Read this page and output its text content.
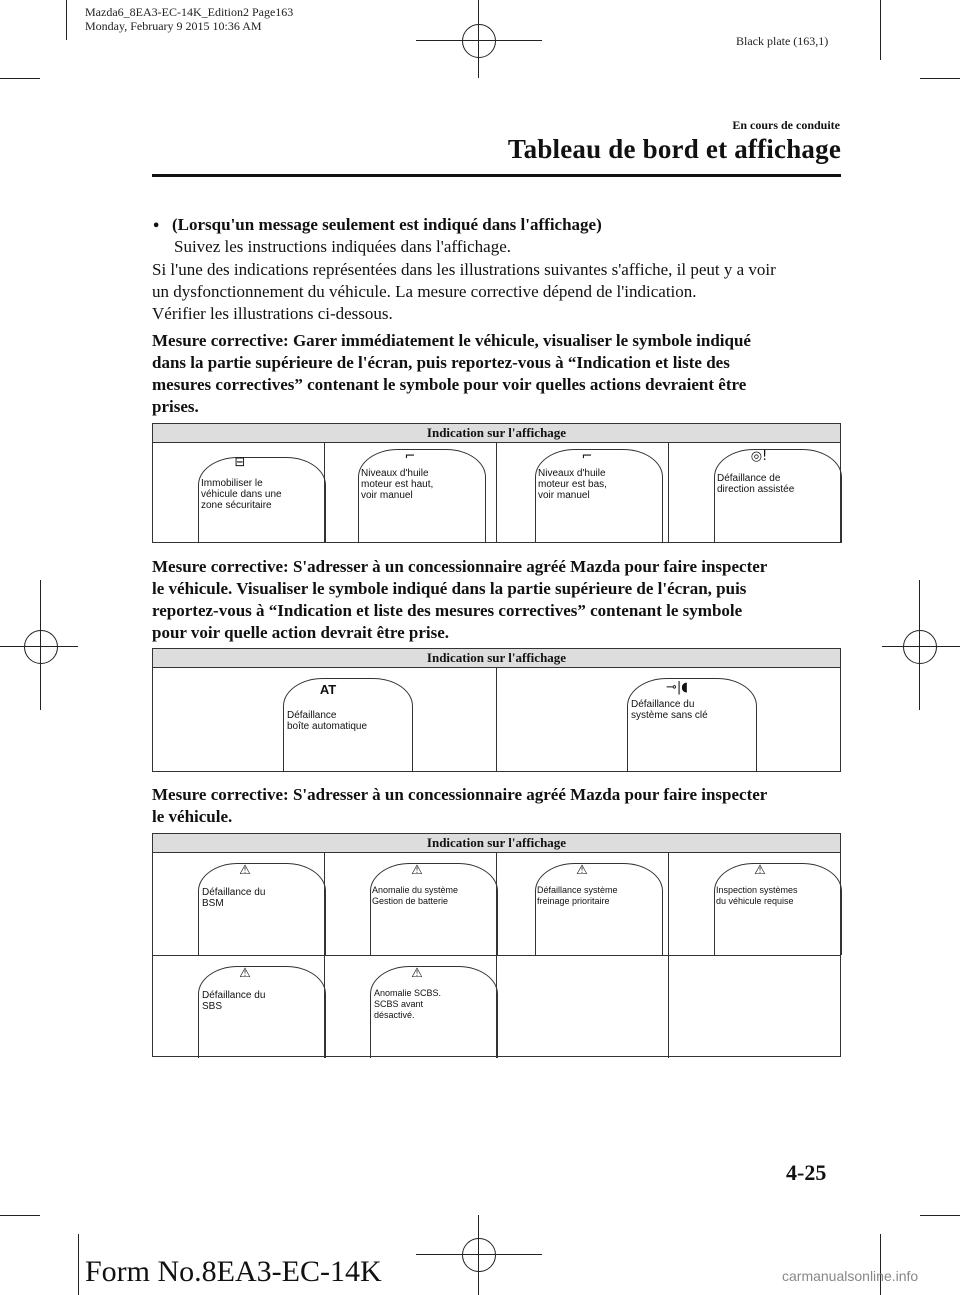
Mazda6_8EA3-EC-14K_Edition2 Page163
Monday, February 9 2015 10:36 AM
Black plate (163,1)
En cours de conduite
Tableau de bord et affichage
• (Lorsqu'un message seulement est indiqué dans l'affichage)
Suivez les instructions indiquées dans l'affichage.
Si l'une des indications représentées dans les illustrations suivantes s'affiche, il peut y a voir
un dysfonctionnement du véhicule. La mesure corrective dépend de l'indication.
Vérifier les illustrations ci-dessous.
Mesure corrective: Garer immédiatement le véhicule, visualiser le symbole indiqué
dans la partie supérieure de l'écran, puis reportez-vous à “Indication et liste des
mesures correctives” contenant le symbole pour voir quelles actions devraient être
prises.
Indication sur l'affichage
⊟
Immobiliser le
véhicule dans une
zone sécuritaire
⌐
Niveaux d'huile
moteur est haut,
voir manuel
⌐
Niveaux d'huile
moteur est bas,
voir manuel
◎!
Défaillance de
direction assistée
Mesure corrective: S'adresser à un concessionnaire agréé Mazda pour faire inspecter
le véhicule. Visualiser le symbole indiqué dans la partie supérieure de l'écran, puis
reportez-vous à “Indication et liste des mesures correctives” contenant le symbole
pour voir quelle action devrait être prise.
Indication sur l'affichage
AT
Défaillance
boîte automatique
⊸|◖
Défaillance du
système sans clé
Mesure corrective: S'adresser à un concessionnaire agréé Mazda pour faire inspecter
le véhicule.
Indication sur l'affichage
⚠
Défaillance du
BSM
⚠
Anomalie du système
Gestion de batterie
⚠
Défaillance système
freinage prioritaire
⚠
Inspection systèmes
du véhicule requise
⚠
Défaillance du
SBS
⚠
Anomalie SCBS.
SCBS avant
désactivé.
4-25
Form No.8EA3-EC-14K	carmanualsonline.info
